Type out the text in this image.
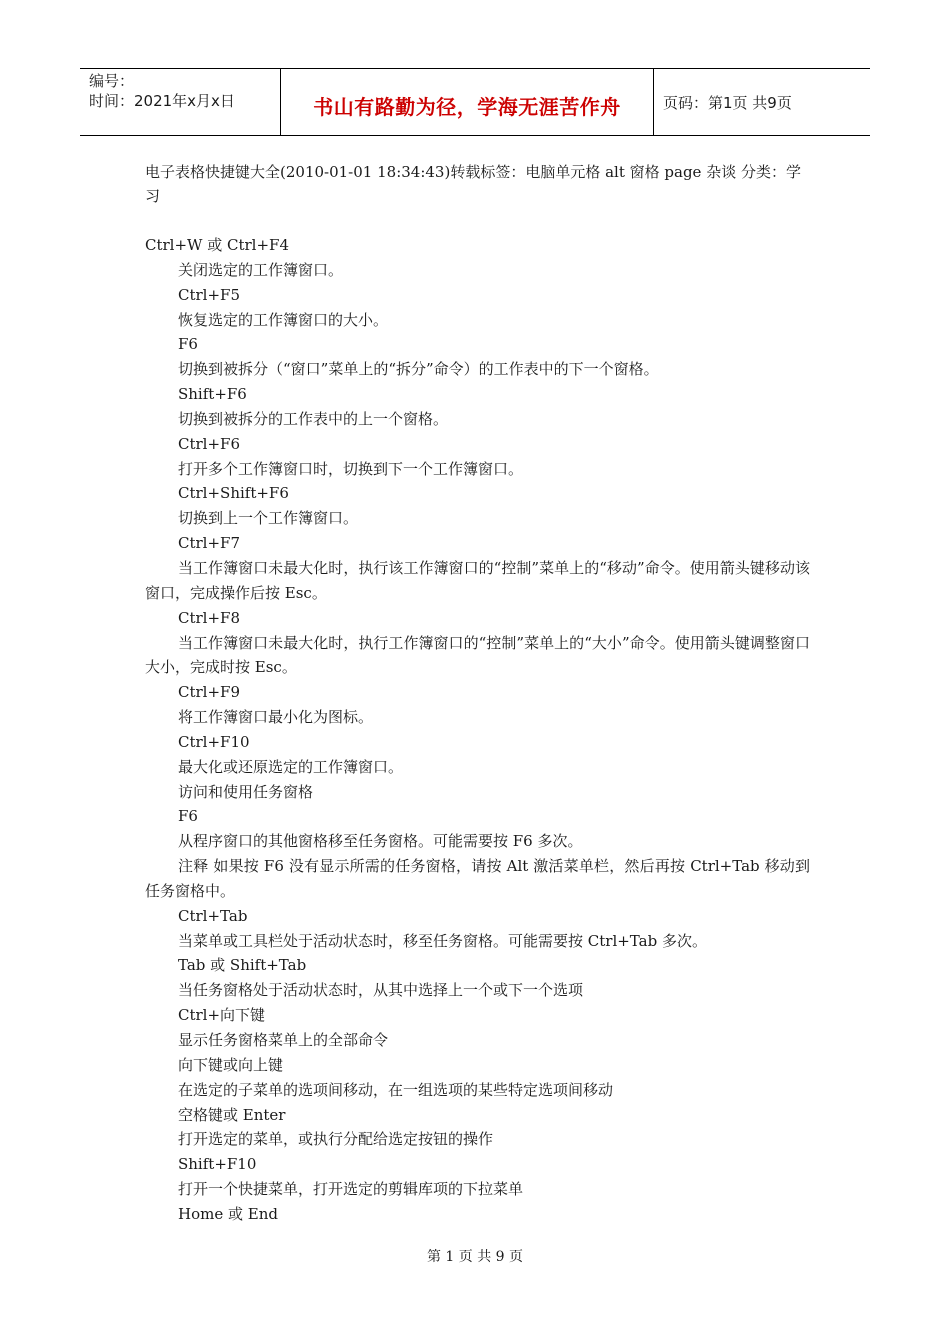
编号：
时间：2021年x月x日	书山有路勤为径，学海无涯苦作舟	页码：第1页 共9页

电子表格快捷键大全(2010-01-01 18:34:43)转载标签：电脑单元格 alt 窗格 page 杂谈 分类：学习

Ctrl+W 或 Ctrl+F4

关闭选定的工作簿窗口。

Ctrl+F5

恢复选定的工作簿窗口的大小。

F6

切换到被拆分（“窗口”菜单上的“拆分”命令）的工作表中的下一个窗格。

Shift+F6

切换到被拆分的工作表中的上一个窗格。

Ctrl+F6

打开多个工作簿窗口时，切换到下一个工作簿窗口。

Ctrl+Shift+F6

切换到上一个工作簿窗口。

Ctrl+F7

当工作簿窗口未最大化时，执行该工作簿窗口的“控制”菜单上的“移动”命令。使用箭头键移动该窗口，完成操作后按 Esc。

Ctrl+F8

当工作簿窗口未最大化时，执行工作簿窗口的“控制”菜单上的“大小”命令。使用箭头键调整窗口大小，完成时按 Esc。

Ctrl+F9

将工作簿窗口最小化为图标。

Ctrl+F10

最大化或还原选定的工作簿窗口。

访问和使用任务窗格

F6

从程序窗口的其他窗格移至任务窗格。可能需要按 F6 多次。

注释 如果按 F6 没有显示所需的任务窗格，请按 Alt 激活菜单栏，然后再按 Ctrl+Tab 移动到任务窗格中。

Ctrl+Tab

当菜单或工具栏处于活动状态时，移至任务窗格。可能需要按 Ctrl+Tab 多次。

Tab 或 Shift+Tab

当任务窗格处于活动状态时，从其中选择上一个或下一个选项

Ctrl+向下键

显示任务窗格菜单上的全部命令

向下键或向上键

在选定的子菜单的选项间移动，在一组选项的某些特定选项间移动

空格键或 Enter

打开选定的菜单，或执行分配给选定按钮的操作

Shift+F10

打开一个快捷菜单，打开选定的剪辑库项的下拉菜单

Home 或 End

第 1 页 共 9 页
